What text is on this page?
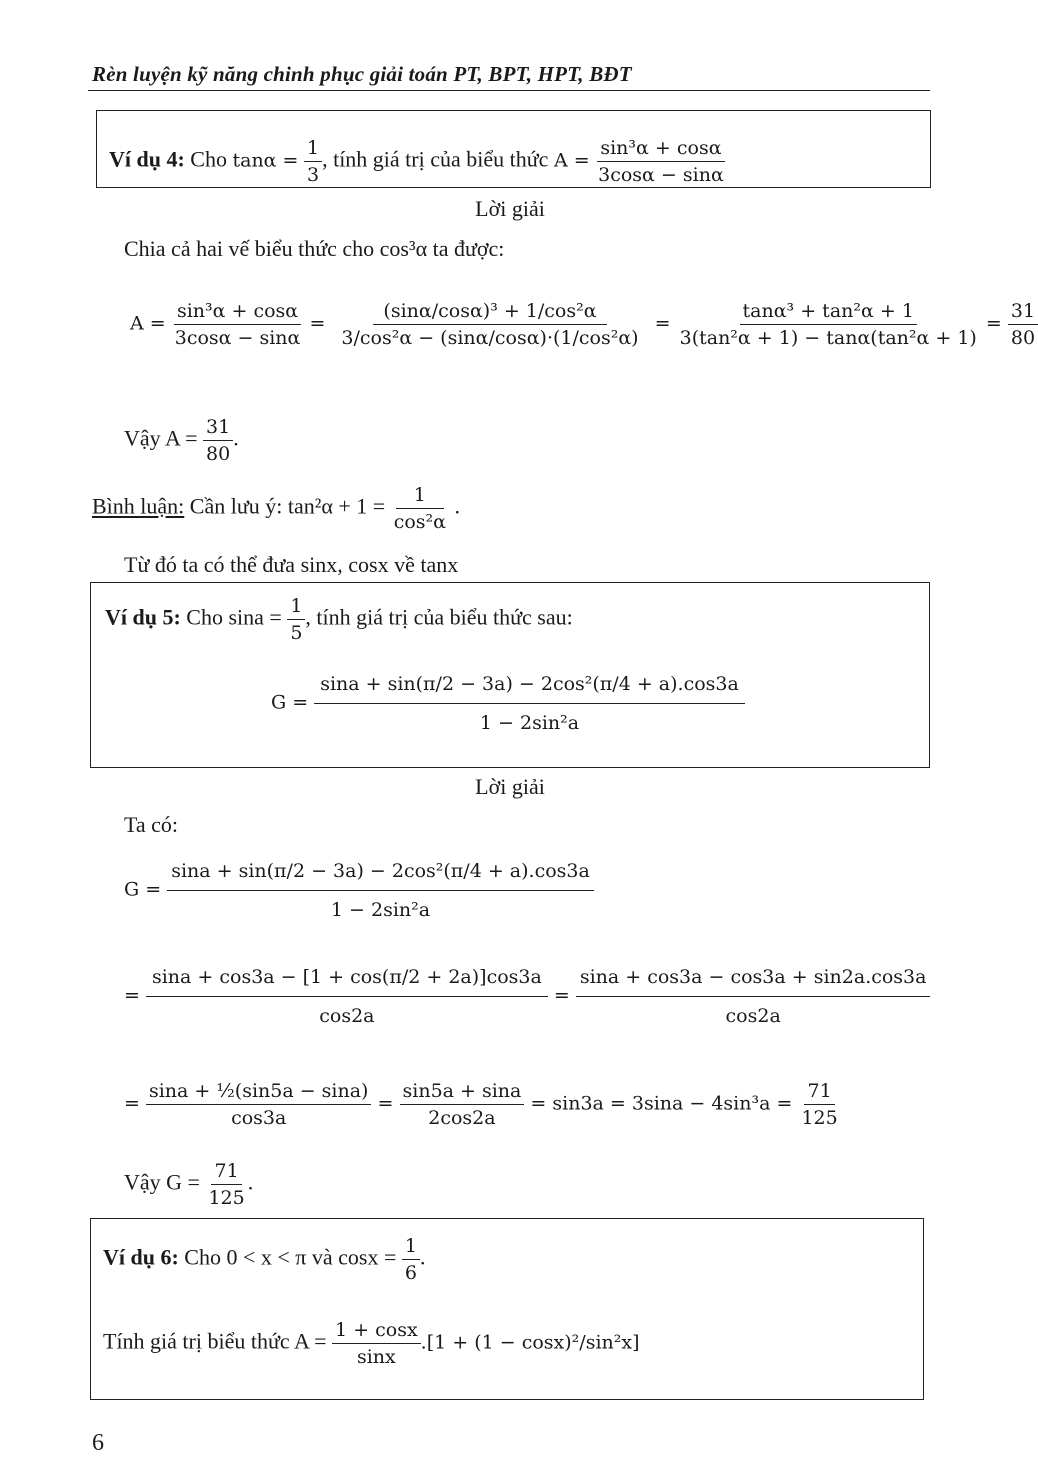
Rèn luyện kỹ năng chinh phục giải toán PT, BPT, HPT, BĐT
Ví dụ 4: Cho $\tan\alpha = \frac{1}{3}$ , tính giá trị của biểu thức $A = \frac{\text{sin³α + cosα}}{3\cos\alpha - \sin\alpha}$
Lời giải
Chia cả hai vế biểu thức cho cos³α ta được:
$A = \frac{\text{sin³α + cosα}}{3\cos\alpha - \sin\alpha} = \frac{\text{(sinα/cosα)³ + 1/cos²α}}{\text{3/cos²α − (sinα/cosα)·(1/cos²α)}} = \frac{\text{tanα³ + tan²α + 1}}{\text{3(tan²α + 1) − tanα(tan²α + 1)}} = \frac{31}{80}$
Vậy $A = \frac{31}{80}$ .
Bình luận: Cần lưu ý: $\tan^2\alpha + 1 = \frac{1}{\text{cos²α}}$ .
Từ đó ta có thể đưa sinx, cosx về tanx
Ví dụ 5: Cho $\sin a = \frac{1}{5}$ , tính giá trị của biểu thức sau:
$G = \frac{\text{sina + sin(π/2 − 3a) − 2cos²(π/4 + a).cos3a}}{\text{1 − 2sin²a}}$
Lời giải
Ta có:
$G = \frac{\text{sina + sin(π/2 − 3a) − 2cos²(π/4 + a).cos3a}}{\text{1 − 2sin²a}}$
= $\frac{\sin a + \cos 3a - [1 + \cos(\pi/2 + 2a)]\cos 3a}{\cos 2a} = \frac{\sin a + \cos 3a - \cos 3a + \sin 2a.\cos 3a}{\cos 2a}$
= $\frac{\text{sina + ½(sin5a − sina)}}{\cos 3a} = \frac{\sin 5a + \sin a}{2\cos 2a} = \sin 3a = 3\sin a - 4\sin^3a = \frac{71}{125}$
Vậy $G = \frac{71}{125}$ .
Ví dụ 6: Cho 0 < x < π và $\cos x = \frac{1}{6}$ .
Tính giá trị biểu thức $A = \frac{1 + \cos x}{\sin x} .[1 + (1 - \cos x)^2/\sin^2x]$
6
